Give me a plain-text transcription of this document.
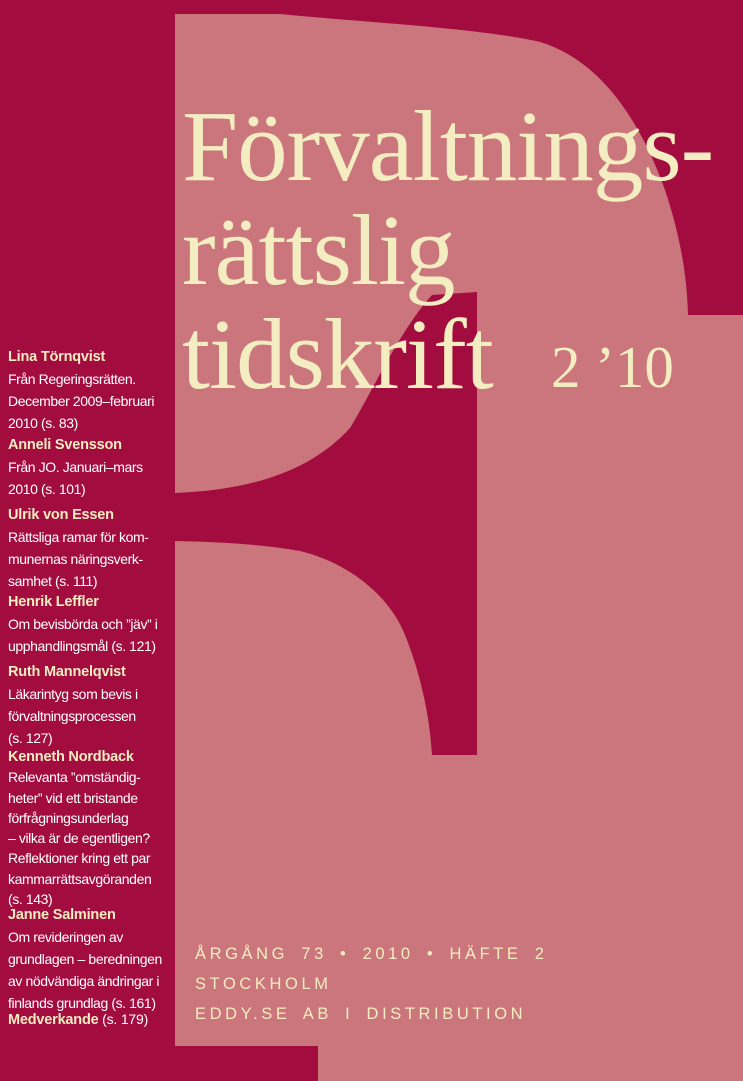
Förvaltnings-
rättslig
tidskrift 2 ’10
Lina Törnqvist
Från Regeringsrätten.
December 2009–februari
2010 (s. 83)
Anneli Svensson
Från JO. Januari–mars
2010 (s. 101)
Ulrik von Essen
Rättsliga ramar för kom-
munernas näringsverk-
samhet (s. 111)
Henrik Leffler
Om bevisbörda och ”jäv” i
upphandlingsmål (s. 121)
Ruth Mannelqvist
Läkarintyg som bevis i
förvaltningsprocessen
(s. 127)
Kenneth Nordback
Relevanta ”omständig-
heter” vid ett bristande
förfrågningsunderlag
– vilka är de egentligen?
Reflektioner kring ett par
kammarrättsavgöranden
(s. 143)
Janne Salminen
Om revideringen av
grundlagen – beredningen
av nödvändiga ändringar i
finlands grundlag (s. 161)
Medverkande (s. 179)
ÅRGÅNG 73 • 2010 • HÄFTE 2
STOCKHOLM
EDDY.SE AB I DISTRIBUTION
